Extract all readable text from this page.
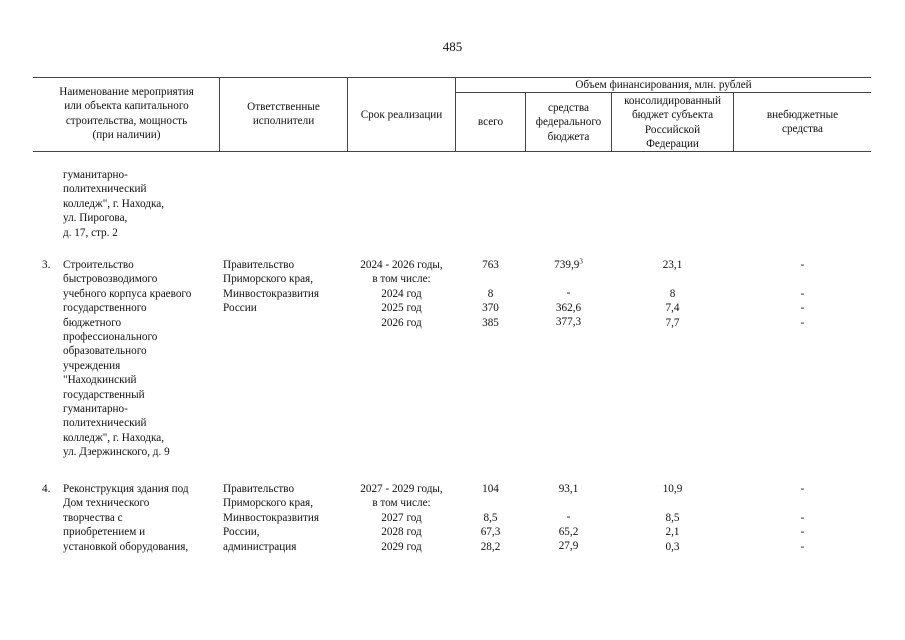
485
Наименование мероприятия
или объекта капитального
строительства, мощность
(при наличии)
Ответственные
исполнители
Срок реализации
Объем финансирования, млн. рублей
всего
средства
федерального
бюджета
консолидированный
бюджет субъекта
Российской
Федерации
внебюджетные
средства
гуманитарно-
политехнический
колледж", г. Находка,
ул. Пирогова,
д. 17, стр. 2
3.	Строительство
быстровозводимого
учебного корпуса краевого
государственного
бюджетного
профессионального
образовательного
учреждения
"Находкинский
государственный
гуманитарно-
политехнический
колледж", г. Находка,
ул. Дзержинского, д. 9
Правительство
Приморского края,
Минвостокразвития
России
2024 - 2026 годы,
в том числе:
2024 год
2025 год
2026 год
763

8
370
385
739,9$^3$

-
362,6
377,3
23,1

8
7,4
7,7
-

-
-
-
4.	Реконструкция здания под
Дом технического
творчества с
приобретением и
установкой оборудования,
Правительство
Приморского края,
Минвостокразвития
России,
администрация
2027 - 2029 годы,
в том числе:
2027 год
2028 год
2029 год
104

8,5
67,3
28,2
93,1

-
65,2
27,9
10,9

8,5
2,1
0,3
-

-
-
-
